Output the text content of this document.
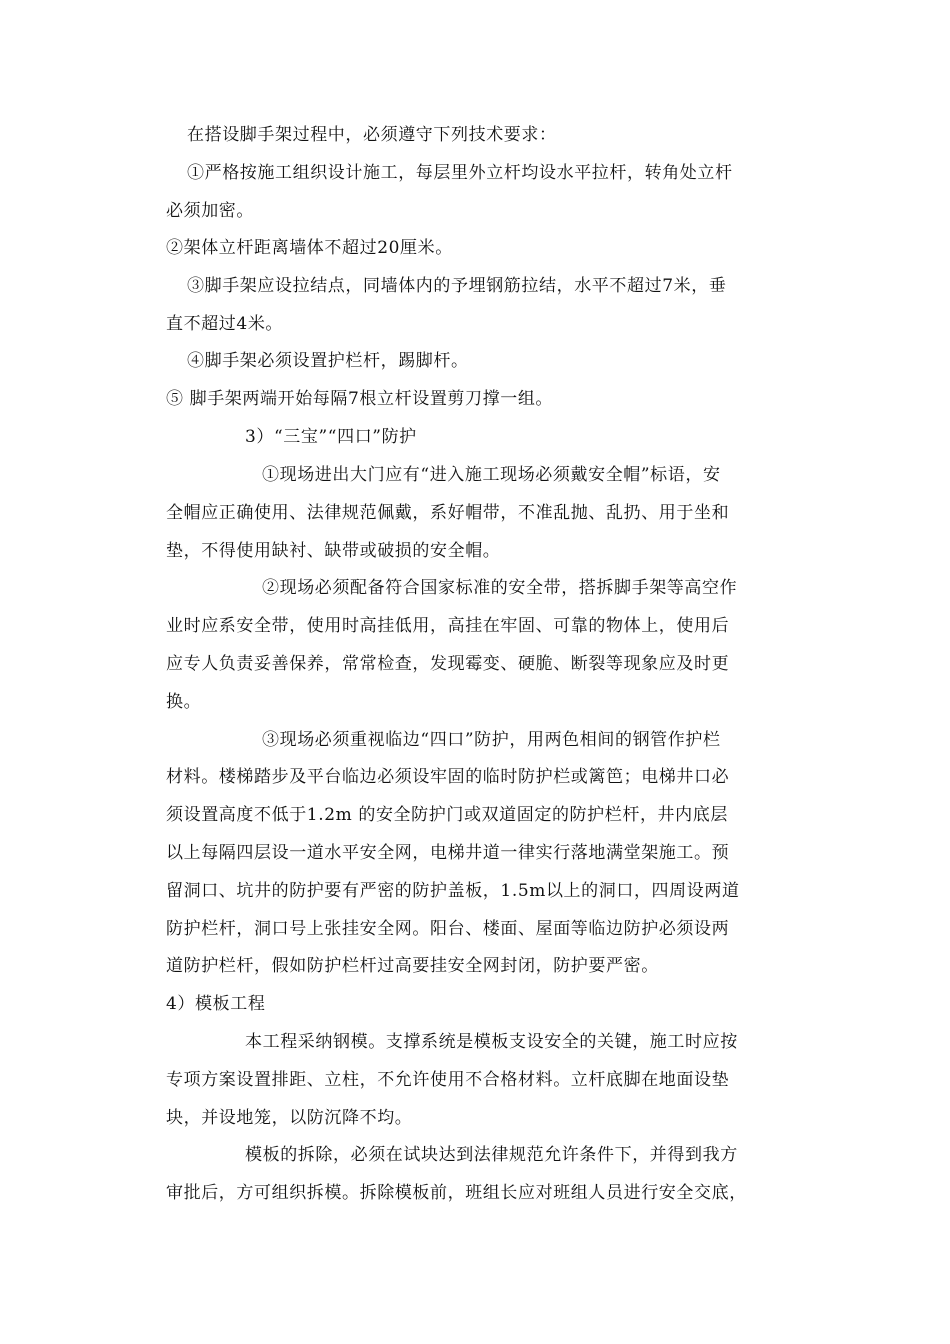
在搭设脚手架过程中，必须遵守下列技术要求：
①严格按施工组织设计施工，每层里外立杆均设水平拉杆，转角处立杆
必须加密。
②架体立杆距离墙体不超过20厘米。
③脚手架应设拉结点，同墙体内的予埋钢筋拉结，水平不超过7米，垂
直不超过4米。
④脚手架必须设置护栏杆，踢脚杆。
⑤ 脚手架两端开始每隔7根立杆设置剪刀撑一组。
3）“三宝”“四口”防护
①现场进出大门应有“进入施工现场必须戴安全帽”标语，安
全帽应正确使用、法律规范佩戴，系好帽带，不准乱抛、乱扔、用于坐和
垫，不得使用缺衬、缺带或破损的安全帽。
②现场必须配备符合国家标准的安全带，搭拆脚手架等高空作
业时应系安全带，使用时高挂低用，高挂在牢固、可靠的物体上，使用后
应专人负责妥善保养，常常检查，发现霉变、硬脆、断裂等现象应及时更
换。
③现场必须重视临边“四口”防护，用两色相间的钢管作护栏
材料。楼梯踏步及平台临边必须设牢固的临时防护栏或篱笆；电梯井口必
须设置高度不低于1.2m 的安全防护门或双道固定的防护栏杆，井内底层
以上每隔四层设一道水平安全网，电梯井道一律实行落地满堂架施工。预
留洞口、坑井的防护要有严密的防护盖板，1.5m以上的洞口，四周设两道
防护栏杆，洞口号上张挂安全网。阳台、楼面、屋面等临边防护必须设两
道防护栏杆，假如防护栏杆过高要挂安全网封闭，防护要严密。
4）模板工程
本工程采纳钢模。支撑系统是模板支设安全的关键，施工时应按
专项方案设置排距、立柱，不允许使用不合格材料。立杆底脚在地面设垫
块，并设地笼，以防沉降不均。
模板的拆除，必须在试块达到法律规范允许条件下，并得到我方
审批后，方可组织拆模。拆除模板前，班组长应对班组人员进行安全交底，
